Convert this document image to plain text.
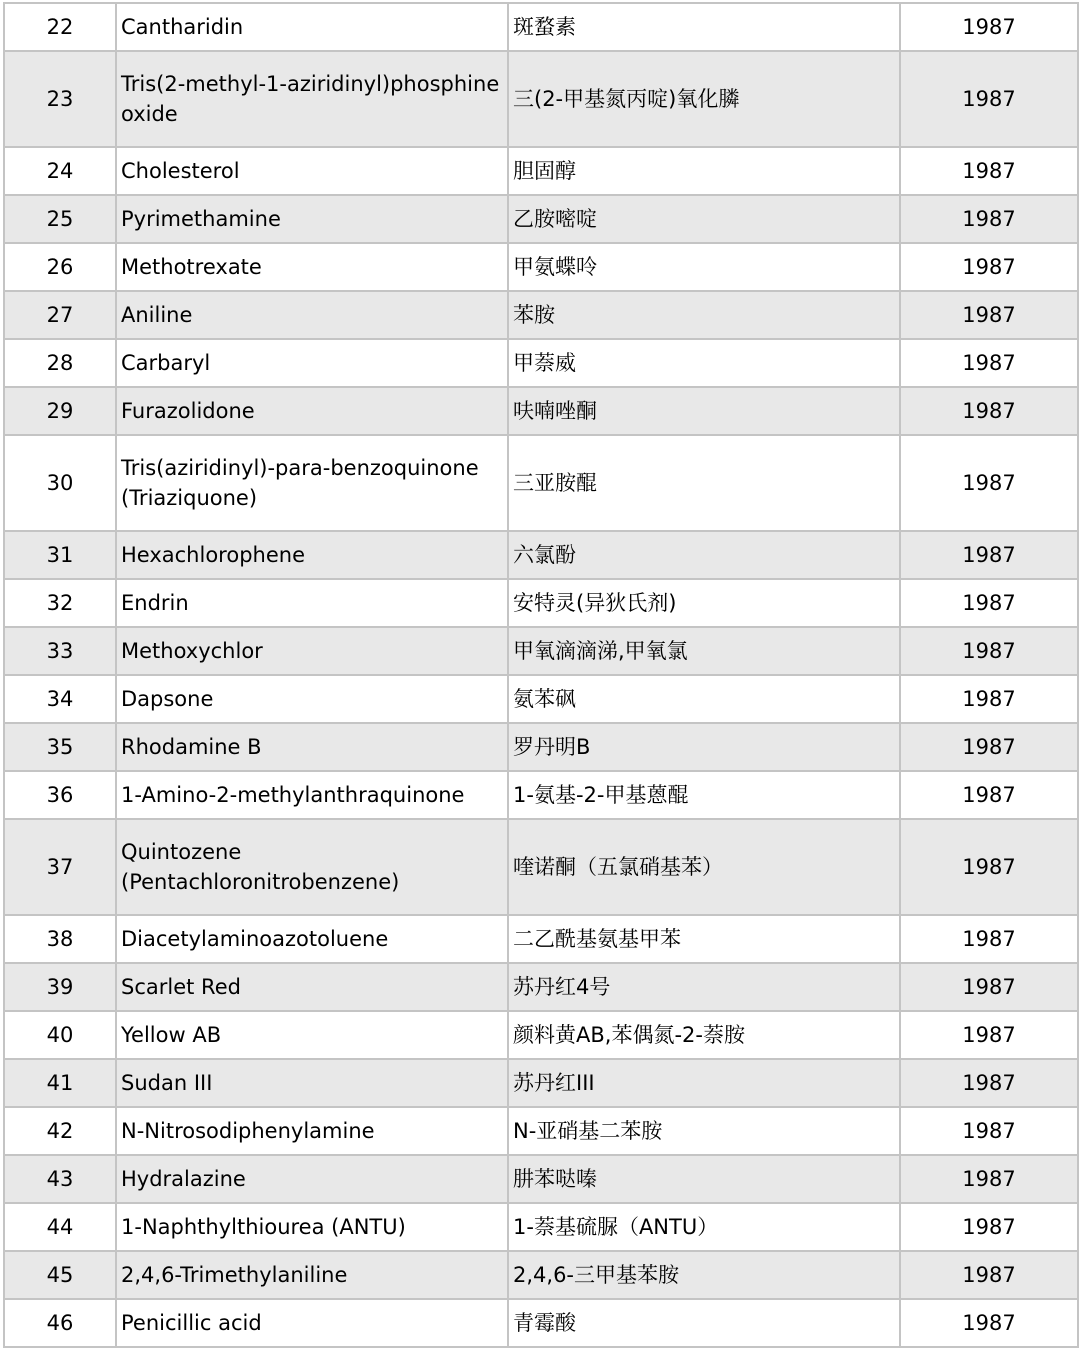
22	Cantharidin	斑蝥素	1987
23	Tris(2-methyl-1-aziridinyl)phosphine oxide	三(2-甲基氮丙啶)氧化膦	1987
24	Cholesterol	胆固醇	1987
25	Pyrimethamine	乙胺嘧啶	1987
26	Methotrexate	甲氨蝶呤	1987
27	Aniline	苯胺	1987
28	Carbaryl	甲萘威	1987
29	Furazolidone	呋喃唑酮	1987
30	Tris(aziridinyl)-para-benzoquinone (Triaziquone)	三亚胺醌	1987
31	Hexachlorophene	六氯酚	1987
32	Endrin	安特灵(异狄氏剂)	1987
33	Methoxychlor	甲氧滴滴涕,甲氧氯	1987
34	Dapsone	氨苯砜	1987
35	Rhodamine B	罗丹明B	1987
36	1-Amino-2-methylanthraquinone	1-氨基-2-甲基蒽醌	1987
37	Quintozene (Pentachloronitrobenzene)	喹诺酮（五氯硝基苯）	1987
38	Diacetylaminoazotoluene	二乙酰基氨基甲苯	1987
39	Scarlet Red	苏丹红4号	1987
40	Yellow AB	颜料黄AB,苯偶氮-2-萘胺	1987
41	Sudan III	苏丹红III	1987
42	N-Nitrosodiphenylamine	N-亚硝基二苯胺	1987
43	Hydralazine	肼苯哒嗪	1987
44	1-Naphthylthiourea (ANTU)	1-萘基硫脲（ANTU）	1987
45	2,4,6-Trimethylaniline	2,4,6-三甲基苯胺	1987
46	Penicillic acid	青霉酸	1987
